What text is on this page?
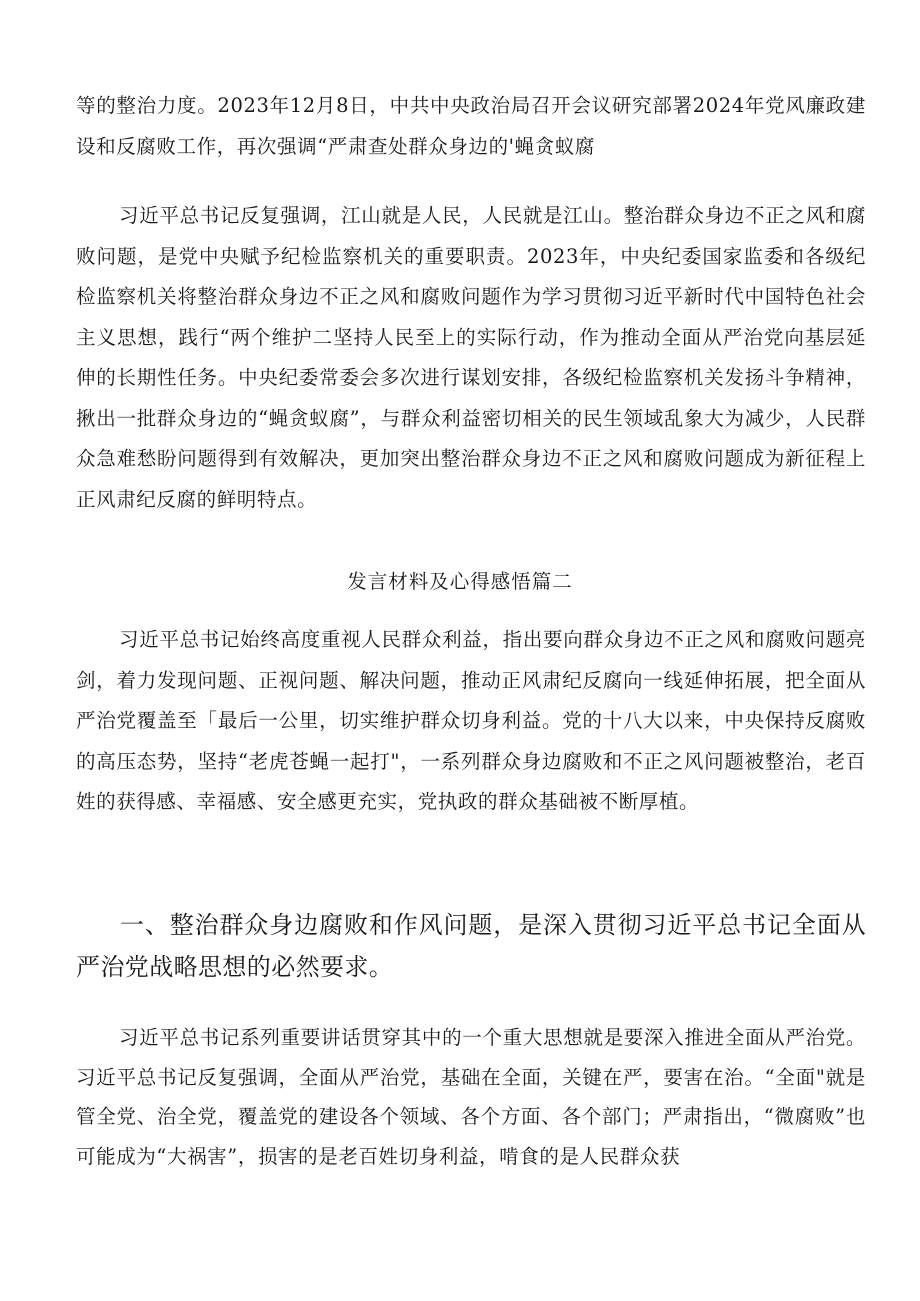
等的整治力度。2023年12月8日，中共中央政治局召开会议研究部署2024年党风廉政建设和反腐败工作，再次强调“严肃查处群众身边的'蝇贪蚁腐

习近平总书记反复强调，江山就是人民，人民就是江山。整治群众身边不正之风和腐败问题，是党中央赋予纪检监察机关的重要职责。2023年，中央纪委国家监委和各级纪检监察机关将整治群众身边不正之风和腐败问题作为学习贯彻习近平新时代中国特色社会主义思想，践行“两个维护二坚持人民至上的实际行动，作为推动全面从严治党向基层延伸的长期性任务。中央纪委常委会多次进行谋划安排，各级纪检监察机关发扬斗争精神，揪出一批群众身边的“蝇贪蚁腐”，与群众利益密切相关的民生领域乱象大为减少，人民群众急难愁盼问题得到有效解决，更加突出整治群众身边不正之风和腐败问题成为新征程上正风肃纪反腐的鲜明特点。

发言材料及心得感悟篇二

习近平总书记始终高度重视人民群众利益，指出要向群众身边不正之风和腐败问题亮剑，着力发现问题、正视问题、解决问题，推动正风肃纪反腐向一线延伸拓展，把全面从严治党覆盖至「最后一公里，切实维护群众切身利益。党的十八大以来，中央保持反腐败的高压态势，坚持“老虎苍蝇一起打"，一系列群众身边腐败和不正之风问题被整治，老百姓的获得感、幸福感、安全感更充实，党执政的群众基础被不断厚植。

一、整治群众身边腐败和作风问题，是深入贯彻习近平总书记全面从严治党战略思想的必然要求。

习近平总书记系列重要讲话贯穿其中的一个重大思想就是要深入推进全面从严治党。习近平总书记反复强调，全面从严治党，基础在全面，关键在严，要害在治。“全面"就是管全党、治全党，覆盖党的建设各个领域、各个方面、各个部门；严肃指出，“微腐败”也可能成为“大祸害”，损害的是老百姓切身利益，啃食的是人民群众获
